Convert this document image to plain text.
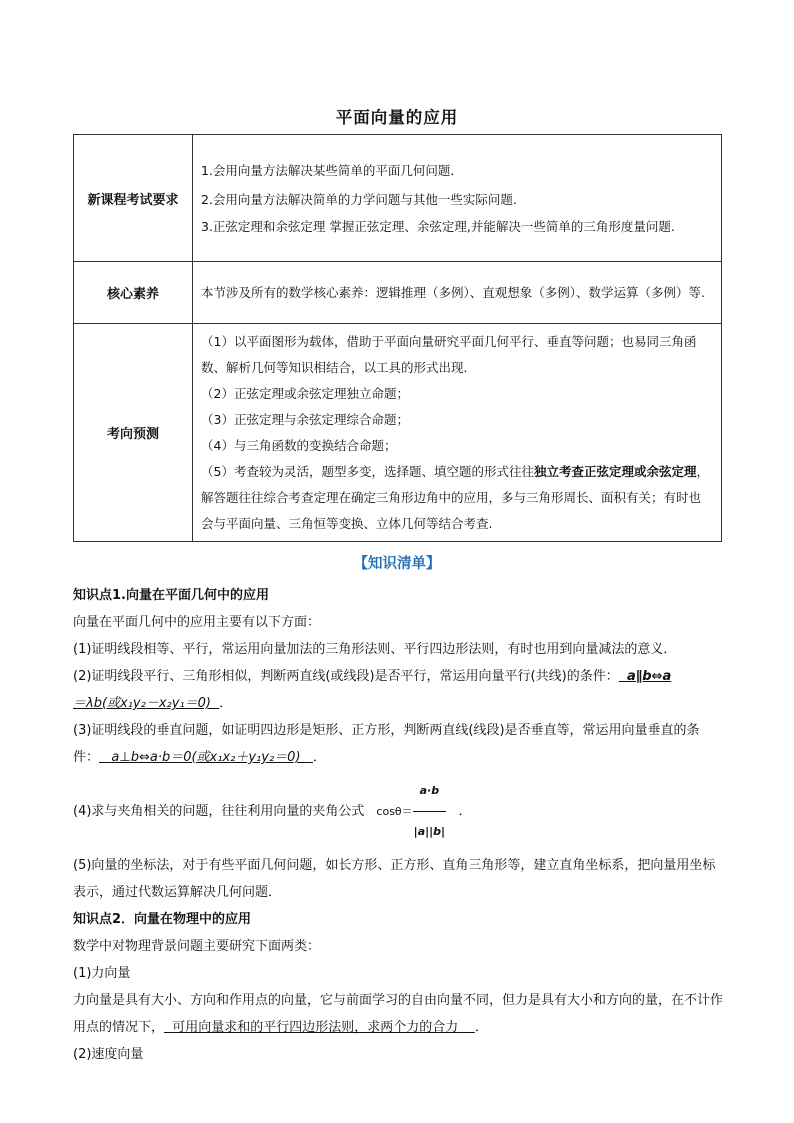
平面向量的应用
新课程考试要求	1.会用向量方法解决某些简单的平面几何问题．
2.会用向量方法解决简单的力学问题与其他一些实际问题.
3.正弦定理和余弦定理 掌握正弦定理、余弦定理,并能解决一些简单的三角形度量问题.

核心素养	本节涉及所有的数学核心素养：逻辑推理（多例）、直观想象（多例）、数学运算（多例）等.

考向预测	（1）以平面图形为载体，借助于平面向量研究平面几何平行、垂直等问题；也易同三角函数、解析几何等知识相结合，以工具的形式出现．
（2）正弦定理或余弦定理独立命题；
（3）正弦定理与余弦定理综合命题；
（4）与三角函数的变换结合命题；
（5）考查较为灵活，题型多变，选择题、填空题的形式往往独立考查正弦定理或余弦定理，解答题往往综合考查定理在确定三角形边角中的应用，多与三角形周长、面积有关；有时也会与平面向量、三角恒等变换、立体几何等结合考查.
【知识清单】

知识点1.向量在平面几何中的应用

向量在平面几何中的应用主要有以下方面：

(1)证明线段相等、平行，常运用向量加法的三角形法则、平行四边形法则，有时也用到向量减法的意义．

(2)证明线段平行、三角形相似，判断两直线(或线段)是否平行，常运用向量平行(共线)的条件： a∥b⇔a
＝λb(或x₁y₂－x₂y₁＝0) ．

(3)证明线段的垂直问题，如证明四边形是矩形、正方形，判断两直线(线段)是否垂直等，常运用向量垂直的条件： a⊥b⇔a·b＝0(或x₁x₂＋y₁y₂＝0) ．

(4)求与夹角相关的问题，往往利用向量的夹角公式 $\cos\theta= \frac{a\cdot b}{|a||b|}$ ．

(5)向量的坐标法，对于有些平面几何问题，如长方形、正方形、直角三角形等，建立直角坐标系，把向量用坐标表示，通过代数运算解决几何问题．

知识点2．向量在物理中的应用

数学中对物理背景问题主要研究下面两类：

(1)力向量

力向量是具有大小、方向和作用点的向量，它与前面学习的自由向量不同，但力是具有大小和方向的量，在不计作用点的情况下， 可用向量求和的平行四边形法则，求两个力的合力 ．

(2)速度向量
